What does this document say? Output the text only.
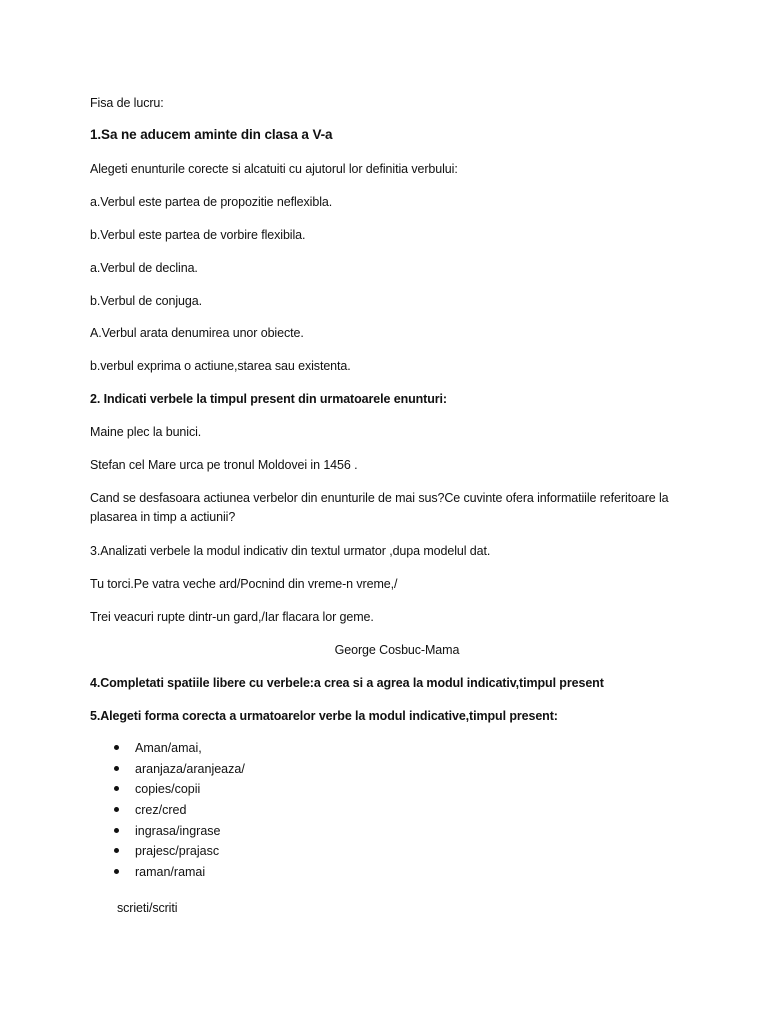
Fisa de lucru:
1.Sa ne aducem aminte din clasa a V-a
Alegeti enunturile corecte si alcatuiti cu ajutorul lor definitia verbului:
a.Verbul este partea de propozitie neflexibla.
b.Verbul este partea de vorbire flexibila.
a.Verbul de declina.
b.Verbul de conjuga.
A.Verbul arata denumirea unor obiecte.
b.verbul exprima o actiune,starea sau existenta.
2. Indicati verbele la timpul present din urmatoarele enunturi:
Maine plec la bunici.
Stefan cel Mare urca pe tronul Moldovei in 1456 .
Cand se desfasoara actiunea verbelor din enunturile de mai sus?Ce cuvinte ofera informatiile referitoare la plasarea in timp a actiunii?
3.Analizati verbele la modul indicativ din textul urmator ,dupa modelul dat.
Tu torci.Pe vatra veche ard/Pocnind din vreme-n vreme,/
Trei veacuri rupte dintr-un gard,/Iar flacara lor geme.
George Cosbuc-Mama
4.Completati spatiile libere cu verbele:a crea si a agrea la modul indicativ,timpul present
5.Alegeti forma corecta a urmatoarelor verbe la modul indicative,timpul present:
Aman/amai,
aranjaza/aranjeaza/
copies/copii
crez/cred
ingrasa/ingrase
prajesc/prajasc
raman/ramai
scrieti/scriti
